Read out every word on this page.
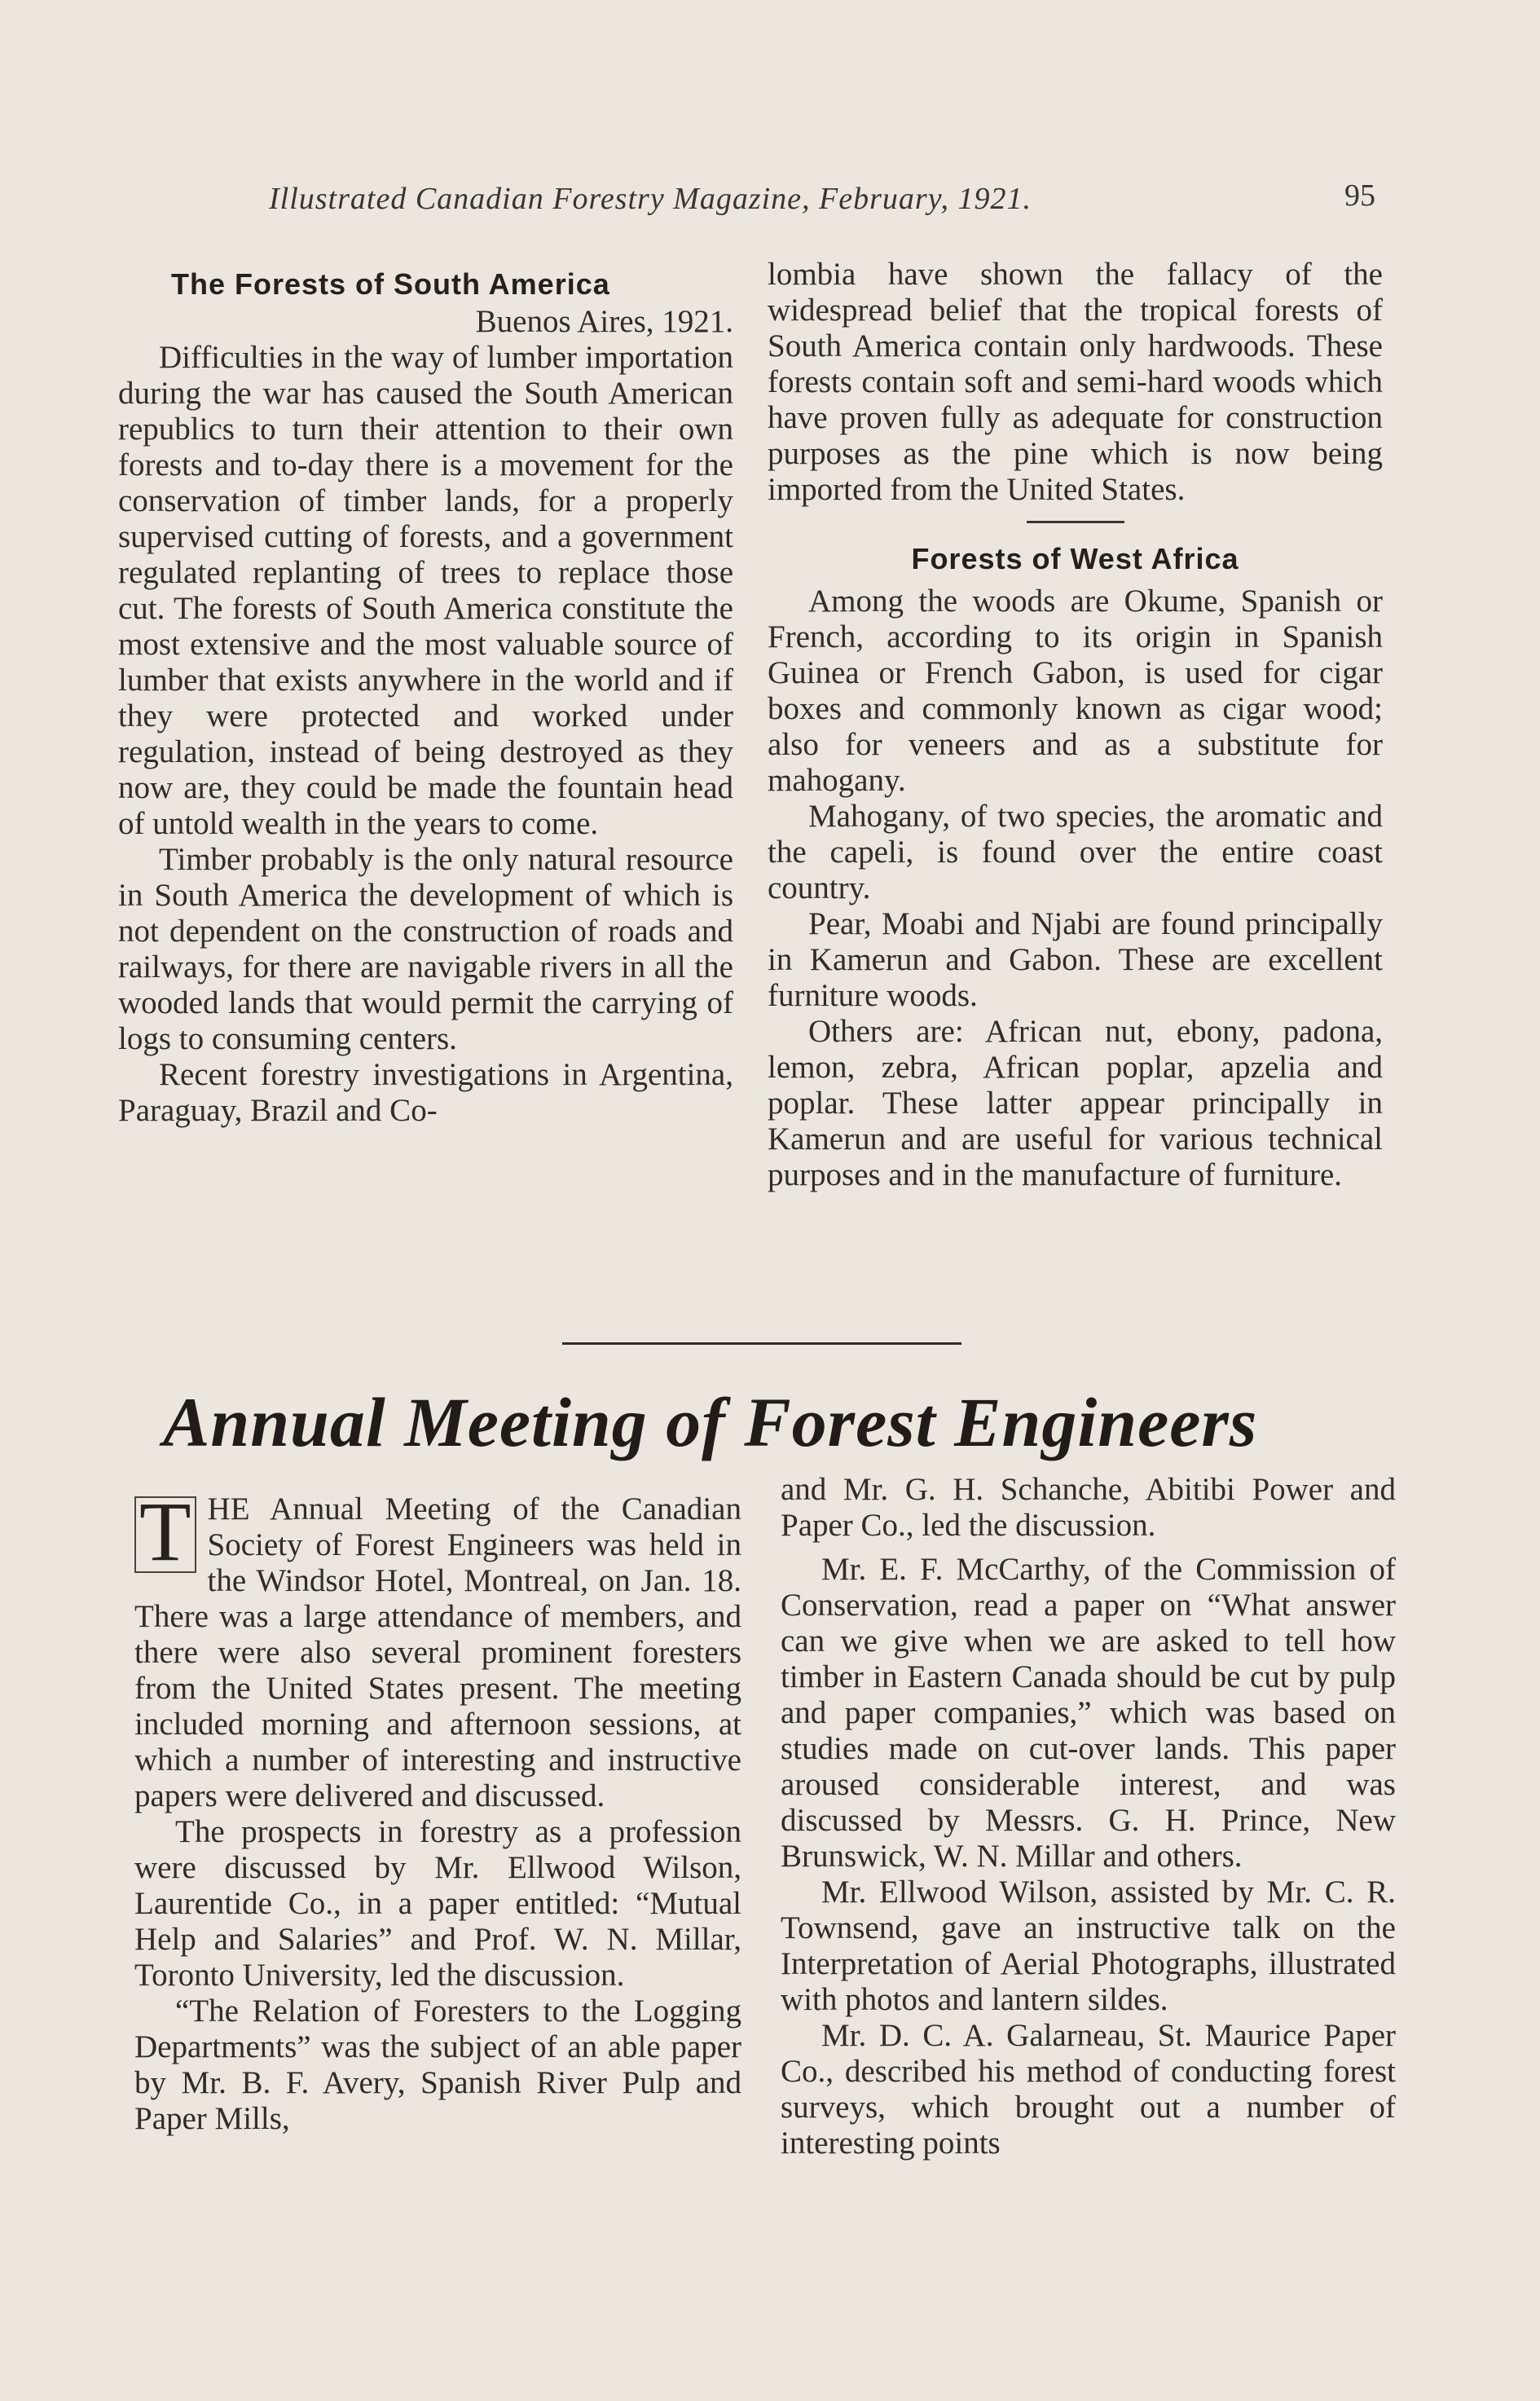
Illustrated Canadian Forestry Magazine, February, 1921.	95

The Forests of South America

Buenos Aires, 1921.

Difficulties in the way of lumber importation during the war has caused the South American republics to turn their attention to their own forests and to-day there is a movement for the conservation of timber lands, for a properly supervised cutting of forests, and a government regulated replanting of trees to replace those cut. The forests of South America constitute the most extensive and the most valuable source of lumber that exists anywhere in the world and if they were protected and worked under regulation, instead of being destroyed as they now are, they could be made the fountain head of untold wealth in the years to come.

Timber probably is the only natural resource in South America the development of which is not dependent on the construction of roads and railways, for there are navigable rivers in all the wooded lands that would permit the carrying of logs to consuming centers.

Recent forestry investigations in Argentina, Paraguay, Brazil and Co-

lombia have shown the fallacy of the widespread belief that the tropical forests of South America contain only hardwoods. These forests contain soft and semi-hard woods which have proven fully as adequate for construction purposes as the pine which is now being imported from the United States.

Forests of West Africa

Among the woods are Okume, Spanish or French, according to its origin in Spanish Guinea or French Gabon, is used for cigar boxes and commonly known as cigar wood; also for veneers and as a substitute for mahogany.

Mahogany, of two species, the aromatic and the capeli, is found over the entire coast country.

Pear, Moabi and Njabi are found principally in Kamerun and Gabon. These are excellent furniture woods.

Others are: African nut, ebony, padona, lemon, zebra, African poplar, apzelia and poplar. These latter appear principally in Kamerun and are useful for various technical purposes and in the manufacture of furniture.

Annual Meeting of Forest Engineers

T HE Annual Meeting of the Canadian Society of Forest Engineers was held in the Windsor Hotel, Montreal, on Jan. 18. There was a large attendance of members, and there were also several prominent foresters from the United States present. The meeting included morning and afternoon sessions, at which a number of interesting and instructive papers were delivered and discussed.

The prospects in forestry as a profession were discussed by Mr. Ellwood Wilson, Laurentide Co., in a paper entitled: “Mutual Help and Salaries” and Prof. W. N. Millar, Toronto University, led the discussion.

“The Relation of Foresters to the Logging Departments” was the subject of an able paper by Mr. B. F. Avery, Spanish River Pulp and Paper Mills,

and Mr. G. H. Schanche, Abitibi Power and Paper Co., led the discussion.

Mr. E. F. McCarthy, of the Commission of Conservation, read a paper on “What answer can we give when we are asked to tell how timber in Eastern Canada should be cut by pulp and paper companies,” which was based on studies made on cut-over lands. This paper aroused considerable interest, and was discussed by Messrs. G. H. Prince, New Brunswick, W. N. Millar and others.

Mr. Ellwood Wilson, assisted by Mr. C. R. Townsend, gave an instructive talk on the Interpretation of Aerial Photographs, illustrated with photos and lantern sildes.

Mr. D. C. A. Galarneau, St. Maurice Paper Co., described his method of conducting forest surveys, which brought out a number of interesting points
